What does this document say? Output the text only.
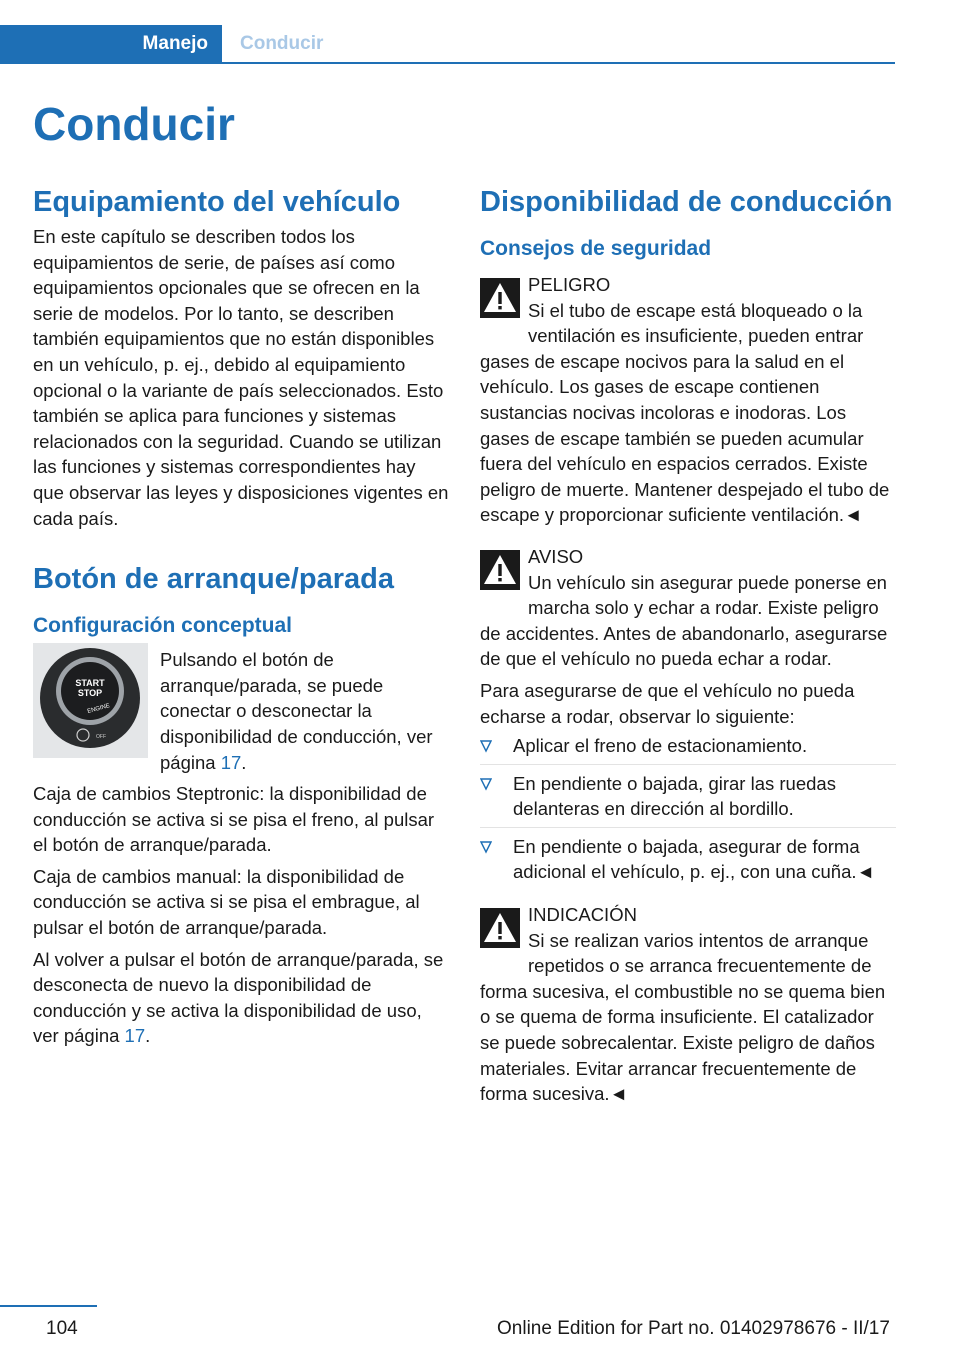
Manejo	Conducir
Conducir
Equipamiento del vehículo

En este capítulo se describen todos los equipamientos de serie, de países así como equipamientos opcionales que se ofrecen en la serie de modelos. Por lo tanto, se describen también equipamientos que no están disponibles en un vehículo, p. ej., debido al equipamiento opcional o la variante de país seleccionados. Esto también se aplica para funciones y sistemas relacionados con la seguridad. Cuando se utilizan las funciones y sistemas correspondientes hay que observar las leyes y disposiciones vigentes en cada país.

Botón de arranque/parada
Configuración conceptual
START
STOP
ENGINE
OFF

Pulsando el botón de arranque/parada, se puede conectar o desconectar la disponibilidad de conducción, ver página 17.

Caja de cambios Steptronic: la disponibilidad de conducción se activa si se pisa el freno, al pulsar el botón de arranque/parada.

Caja de cambios manual: la disponibilidad de conducción se activa si se pisa el embrague, al pulsar el botón de arranque/parada.

Al volver a pulsar el botón de arranque/parada, se desconecta de nuevo la disponibilidad de conducción y se activa la disponibilidad de uso, ver página 17.

Disponibilidad de conducción
Consejos de seguridad

PELIGRO

Si el tubo de escape está bloqueado o la ventilación es insuficiente, pueden entrar gases de escape nocivos para la salud en el vehículo. Los gases de escape contienen sustancias nocivas incoloras e inodoras. Los gases de escape también se pueden acumular fuera del vehículo en espacios cerrados. Existe peligro de muerte. Mantener despejado el tubo de escape y proporcionar suficiente ventilación.◄

AVISO

Un vehículo sin asegurar puede ponerse en marcha solo y echar a rodar. Existe peligro de accidentes. Antes de abandonarlo, asegurarse de que el vehículo no pueda echar a rodar.

Para asegurarse de que el vehículo no pueda echarse a rodar, observar lo siguiente:

Aplicar el freno de estacionamiento.
En pendiente o bajada, girar las ruedas delanteras en dirección al bordillo.
En pendiente o bajada, asegurar de forma adicional el vehículo, p. ej., con una cuña.◄

INDICACIÓN

Si se realizan varios intentos de arranque repetidos o se arranca frecuentemente de forma sucesiva, el combustible no se quema bien o se quema de forma insuficiente. El catalizador se puede sobrecalentar. Existe peligro de daños materiales. Evitar arrancar frecuentemente de forma sucesiva.◄

104	Online Edition for Part no. 01402978676 - II/17
